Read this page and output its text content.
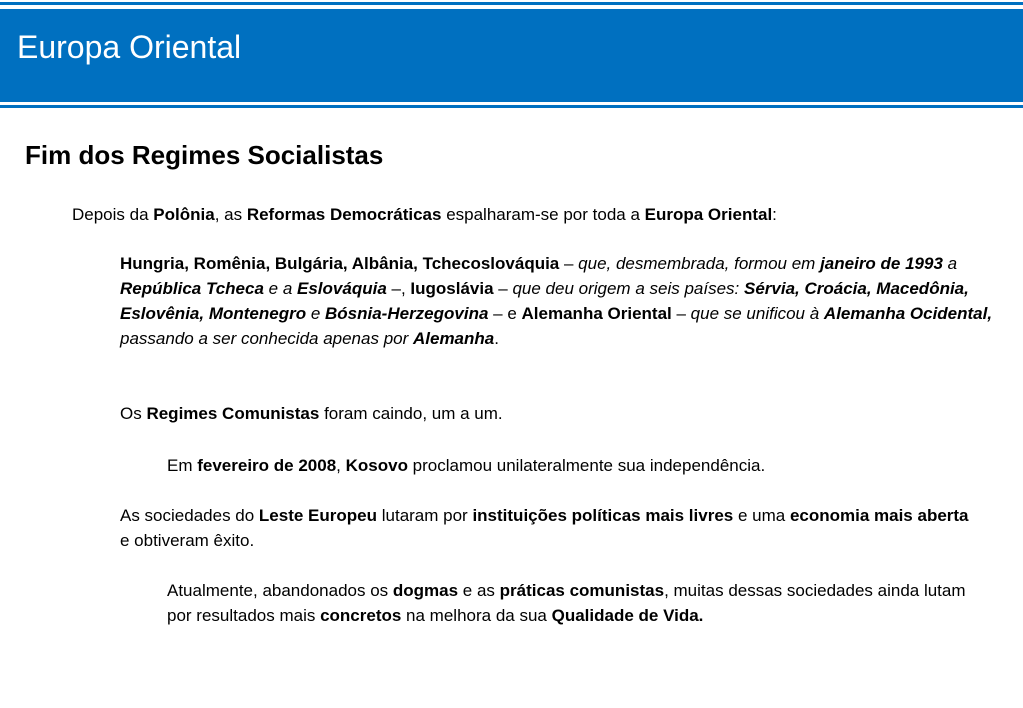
Europa Oriental
Fim dos Regimes Socialistas

Depois da Polônia, as Reformas Democráticas espalharam-se por toda a Europa Oriental:

Hungria, Romênia, Bulgária, Albânia, Tchecoslováquia – que, desmembrada, formou em janeiro de 1993 a República Tcheca e a Eslováquia –, Iugoslávia – que deu origem a seis países: Sérvia, Croácia, Macedônia, Eslovênia, Montenegro e Bósnia-Herzegovina – e Alemanha Oriental – que se unificou à Alemanha Ocidental, passando a ser conhecida apenas por Alemanha.

Os Regimes Comunistas foram caindo, um a um.

Em fevereiro de 2008, Kosovo proclamou unilateralmente sua independência.

As sociedades do Leste Europeu lutaram por instituições políticas mais livres e uma economia mais aberta e obtiveram êxito.

Atualmente, abandonados os dogmas e as práticas comunistas, muitas dessas sociedades ainda lutam por resultados mais concretos na melhora da sua Qualidade de Vida.
